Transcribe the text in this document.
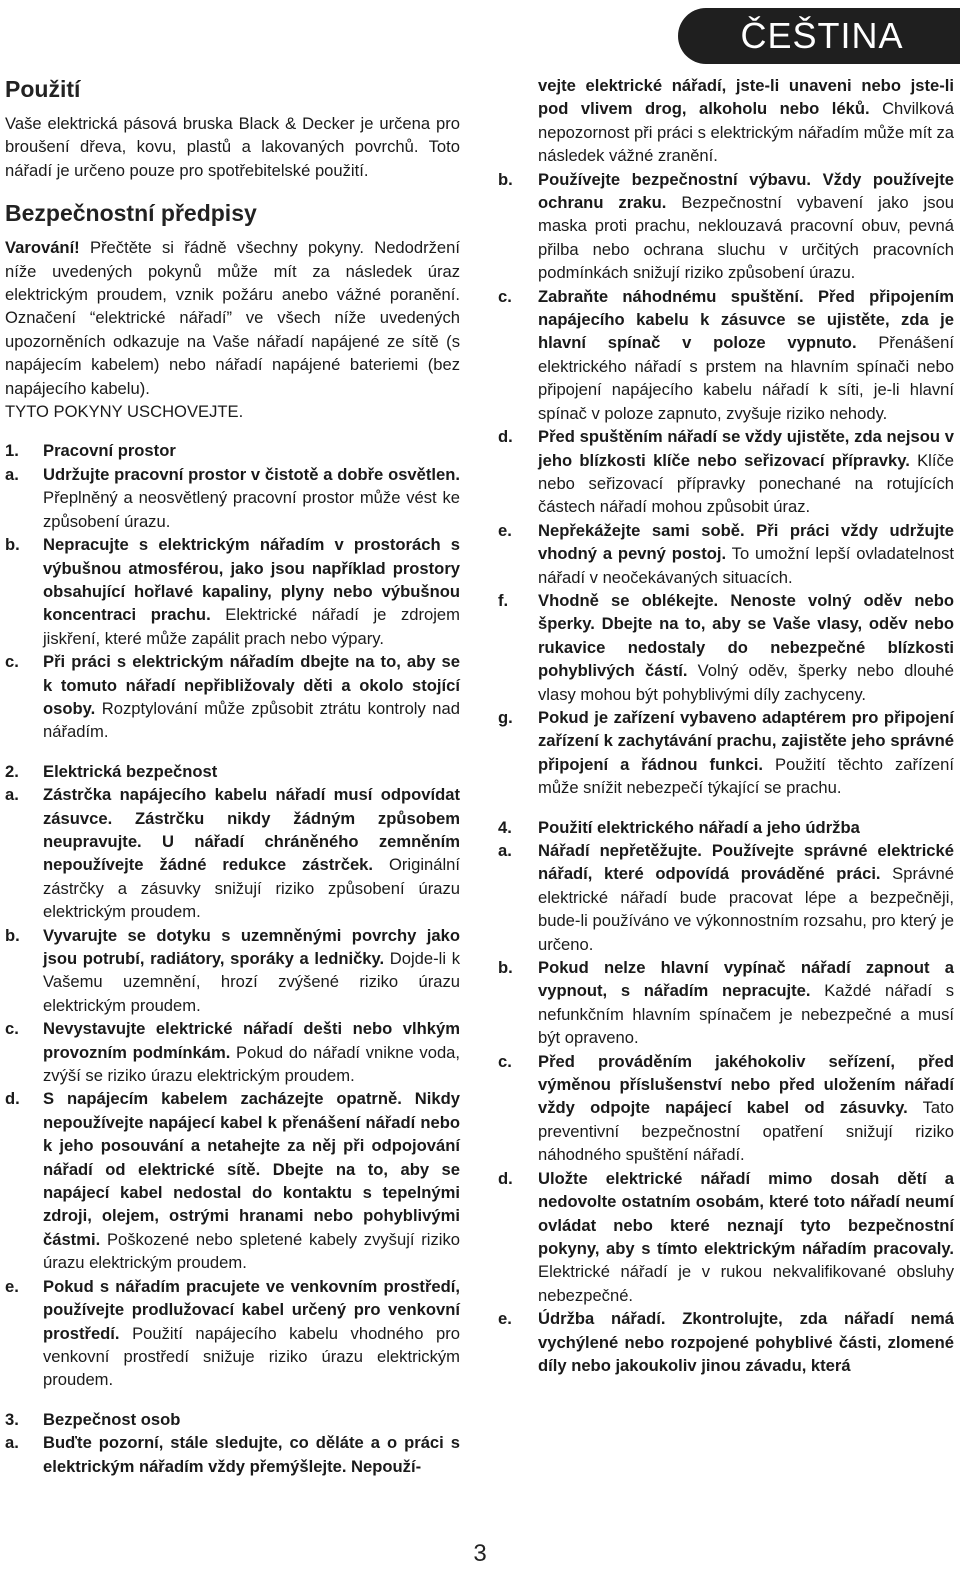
ČEŠTINA
Použití

Vaše elektrická pásová bruska Black & Decker je určena pro broušení dřeva, kovu, plastů a lakovaných povrchů. Toto nářadí je určeno pouze pro spotřebitelské použití.

Bezpečnostní předpisy

Varování! Přečtěte si řádně všechny pokyny. Nedodržení níže uvedených pokynů může mít za následek úraz elektrickým proudem, vznik požáru anebo vážné poranění. Označení “elektrické nářadí” ve všech níže uvedených upozorněních odkazuje na Vaše nářadí napájené ze sítě (s napájecím kabelem) nebo nářadí napájené bateriemi (bez napájecího kabelu).

TYTO POKYNY USCHOVEJTE.

1.	Pracovní prostor
a.	Udržujte pracovní prostor v čistotě a dobře osvětlen. Přeplněný a neosvětlený pracovní prostor může vést ke způsobení úrazu.
b.	Nepracujte s elektrickým nářadím v prostorách s výbušnou atmosférou, jako jsou například prostory obsahující hořlavé kapaliny, plyny nebo výbušnou koncentraci prachu. Elektrické nářadí je zdrojem jiskření, které může zapálit prach nebo výpary.
c.	Při práci s elektrickým nářadím dbejte na to, aby se k tomuto nářadí nepřibližovaly děti a okolo stojící osoby. Rozptylování může způsobit ztrátu kontroly nad nářadím.
2.	Elektrická bezpečnost
a.	Zástrčka napájecího kabelu nářadí musí odpovídat zásuvce. Zástrčku nikdy žádným způsobem neupravujte. U nářadí chráněného zemněním nepoužívejte žádné redukce zástrček. Originální zástrčky a zásuvky snižují riziko způsobení úrazu elektrickým proudem.
b.	Vyvarujte se dotyku s uzemněnými povrchy jako jsou potrubí, radiátory, sporáky a ledničky. Dojde-li k Vašemu uzemnění, hrozí zvýšené riziko úrazu elektrickým proudem.
c.	Nevystavujte elektrické nářadí dešti nebo vlhkým provozním podmínkám. Pokud do nářadí vnikne voda, zvýší se riziko úrazu elektrickým proudem.
d.	S napájecím kabelem zacházejte opatrně. Nikdy nepoužívejte napájecí kabel k přenášení nářadí nebo k jeho posouvání a netahejte za něj při odpojování nářadí od elektrické sítě. Dbejte na to, aby se napájecí kabel nedostal do kontaktu s tepelnými zdroji, olejem, ostrými hranami nebo pohyblivými částmi. Poškozené nebo spletené kabely zvyšují riziko úrazu elektrickým proudem.
e.	Pokud s nářadím pracujete ve venkovním prostředí, používejte prodlužovací kabel určený pro venkovní prostředí. Použití napájecího kabelu vhodného pro venkovní prostředí snižuje riziko úrazu elektrickým proudem.
3.	Bezpečnost osob
a.	Buďte pozorní, stále sledujte, co děláte a o práci s elektrickým nářadím vždy přemýšlejte. Nepouží-
vejte elektrické nářadí, jste-li unaveni nebo jste-li pod vlivem drog, alkoholu nebo léků. Chvilková nepozornost při práci s elektrickým nářadím může mít za následek vážné zranění.
b.	Používejte bezpečnostní výbavu. Vždy používejte ochranu zraku. Bezpečnostní vybavení jako jsou maska proti prachu, neklouzavá pracovní obuv, pevná přilba nebo ochrana sluchu v určitých pracovních podmínkách snižují riziko způsobení úrazu.
c.	Zabraňte náhodnému spuštění. Před připojením napájecího kabelu k zásuvce se ujistěte, zda je hlavní spínač v poloze vypnuto. Přenášení elektrického nářadí s prstem na hlavním spínači nebo připojení napájecího kabelu nářadí k síti, je-li hlavní spínač v poloze zapnuto, zvyšuje riziko nehody.
d.	Před spuštěním nářadí se vždy ujistěte, zda nejsou v jeho blízkosti klíče nebo seřizovací přípravky. Klíče nebo seřizovací přípravky ponechané na rotujících částech nářadí mohou způsobit úraz.
e.	Nepřekážejte sami sobě. Při práci vždy udržujte vhodný a pevný postoj. To umožní lepší ovladatelnost nářadí v neočekávaných situacích.
f.	Vhodně se oblékejte. Nenoste volný oděv nebo šperky. Dbejte na to, aby se Vaše vlasy, oděv nebo rukavice nedostaly do nebezpečné blízkosti pohyblivých částí. Volný oděv, šperky nebo dlouhé vlasy mohou být pohyblivými díly zachyceny.
g.	Pokud je zařízení vybaveno adaptérem pro připojení zařízení k zachytávání prachu, zajistěte jeho správné připojení a řádnou funkci. Použití těchto zařízení může snížit nebezpečí týkající se prachu.
4.	Použití elektrického nářadí a jeho údržba
a.	Nářadí nepřetěžujte. Používejte správné elektrické nářadí, které odpovídá prováděné práci. Správné elektrické nářadí bude pracovat lépe a bezpečněji, bude-li používáno ve výkonnostním rozsahu, pro který je určeno.
b.	Pokud nelze hlavní vypínač nářadí zapnout a vypnout, s nářadím nepracujte. Každé nářadí s nefunkčním hlavním spínačem je nebezpečné a musí být opraveno.
c.	Před prováděním jakéhokoliv seřízení, před výměnou příslušenství nebo před uložením nářadí vždy odpojte napájecí kabel od zásuvky. Tato preventivní bezpečnostní opatření snižují riziko náhodného spuštění nářadí.
d.	Uložte elektrické nářadí mimo dosah dětí a nedovolte ostatním osobám, které toto nářadí neumí ovládat nebo které neznají tyto bezpečnostní pokyny, aby s tímto elektrickým nářadím pracovaly. Elektrické nářadí je v rukou nekvalifikované obsluhy nebezpečné.
e.	Údržba nářadí. Zkontrolujte, zda nářadí nemá vychýlené nebo rozpojené pohyblivé části, zlomené díly nebo jakoukoliv jinou závadu, která
3
